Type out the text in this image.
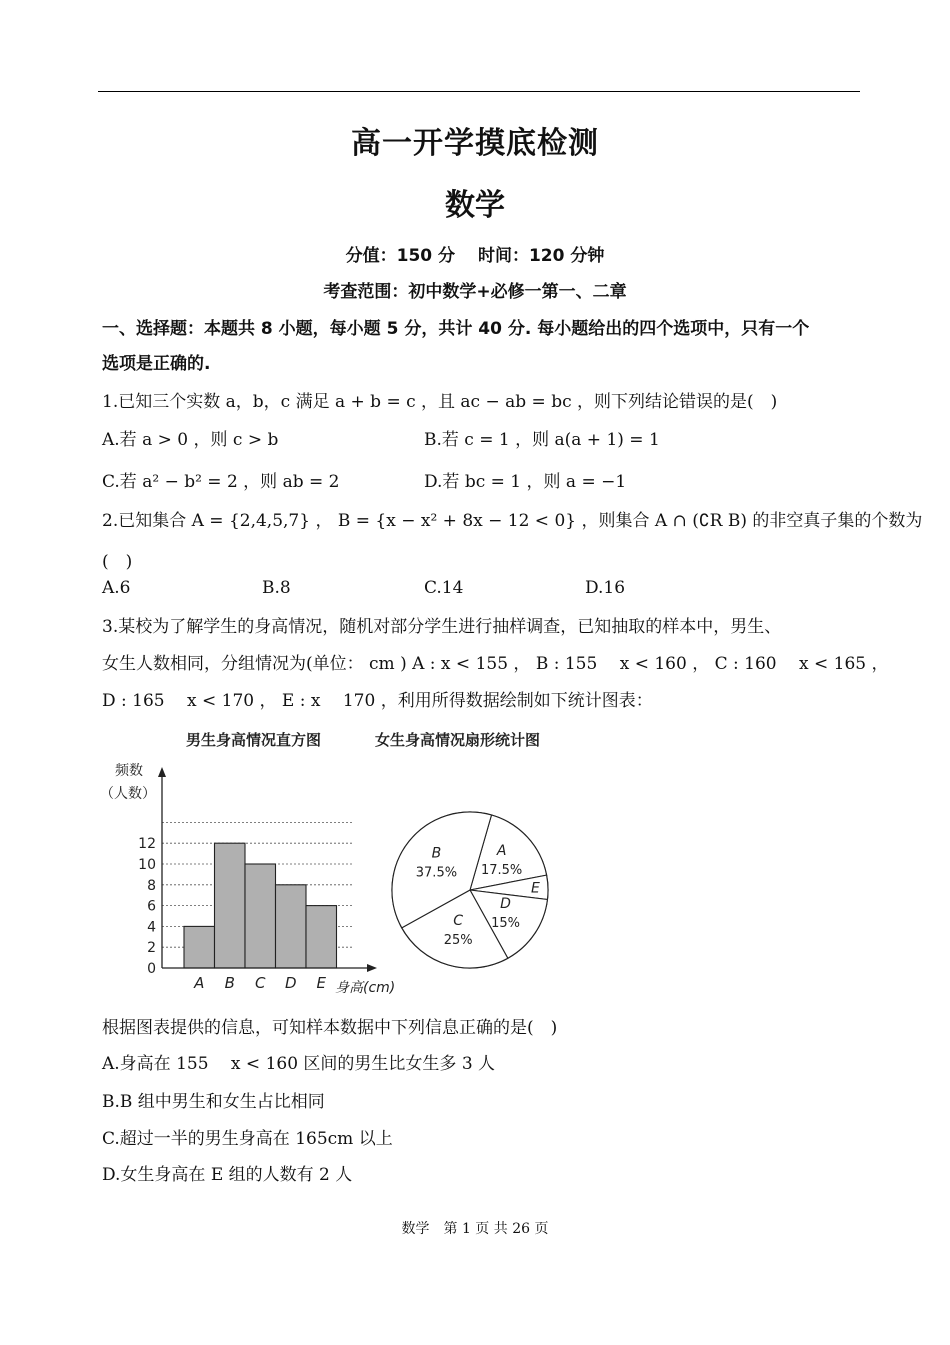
高一开学摸底检测
数学
分值：150 分　 时间：120 分钟
考查范围：初中数学+必修一第一、二章
一、选择题：本题共 8 小题，每小题 5 分，共计 40 分. 每小题给出的四个选项中，只有一个
选项是正确的.
1.已知三个实数 a，b，c 满足 a + b = c ，且 ac − ab = bc ，则下列结论错误的是(　)
A.若 a > 0 ，则 c > b	B.若 c = 1 ，则 a(a + 1) = 1
C.若 a² − b² = 2 ，则 ab = 2	D.若 bc = 1 ，则 a = −1
2.已知集合 A = {2,4,5,7} ， B = {x − x² + 8x − 12 < 0} ，则集合 A ∩ (∁R B) 的非空真子集的个数为
(　)
A.6	B.8	C.14	D.16
3.某校为了解学生的身高情况，随机对部分学生进行抽样调查，已知抽取的样本中，男生、
女生人数相同，分组情况为(单位： cm ) A : x < 155 ， B : 155 　x < 160 ， C : 160 　x < 165 ，
D : 165 　x < 170 ， E : x 　170 ，利用所得数据绘制如下统计图表：
男生身高情况直方图	女生身高情况扇形统计图
频数
（人数）
0
2
4
6
8
10
12
A B C D E 身高(cm)
A
17.5%
E
D
15%
C
25%
B
37.5%
根据图表提供的信息，可知样本数据中下列信息正确的是(　)
A.身高在 155 　x < 160 区间的男生比女生多 3 人
B.B 组中男生和女生占比相同
C.超过一半的男生身高在 165cm 以上
D.女生身高在 E 组的人数有 2 人
数学　第 1 页 共 26 页
